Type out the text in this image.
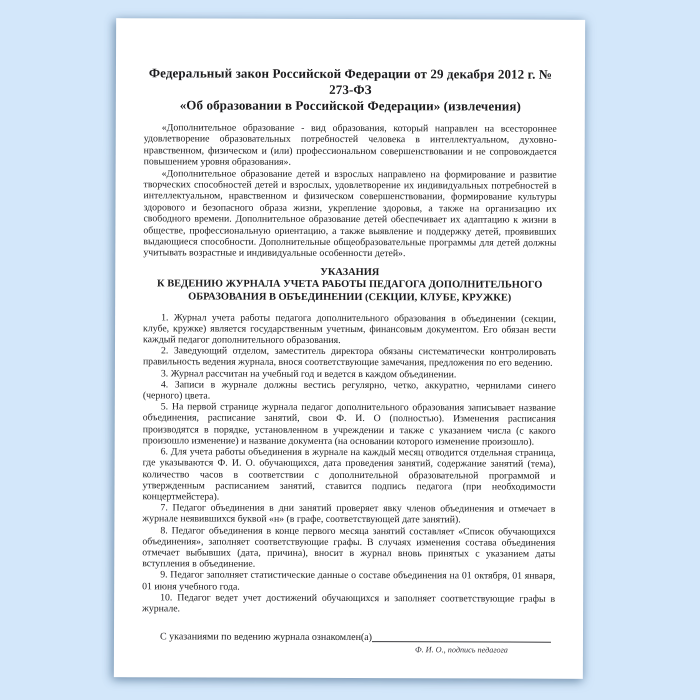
Федеральный закон Российской Федерации от 29 декабря 2012 г. № 273-ФЗ
«Об образовании в Российской Федерации» (извлечения)

«Дополнительное образование - вид образования, который направлен на всестороннее удовлетворение образовательных потребностей человека в интеллектуальном, духовно-нравственном, физическом и (или) профессиональном совершенствовании и не сопровождается повышением уровня образования».

«Дополнительное образование детей и взрослых направлено на формирование и развитие творческих способностей детей и взрослых, удовлетворение их индивидуальных потребностей в интеллектуальном, нравственном и физическом совершенствовании, формирование культуры здорового и безопасного образа жизни, укрепление здоровья, а также на организацию их свободного времени. Дополнительное образование детей обеспечивает их адаптацию к жизни в обществе, профессиональную ориентацию, а также выявление и поддержку детей, проявивших выдающиеся способности. Дополнительные общеобразовательные программы для детей должны учитывать возрастные и индивидуальные особенности детей».

УКАЗАНИЯ
К ВЕДЕНИЮ ЖУРНАЛА УЧЕТА РАБОТЫ ПЕДАГОГА ДОПОЛНИТЕЛЬНОГО
ОБРАЗОВАНИЯ В ОБЪЕДИНЕНИИ (СЕКЦИИ, КЛУБЕ, КРУЖКЕ)

1. Журнал учета работы педагога дополнительного образования в объединении (секции, клубе, кружке) является государственным учетным, финансовым документом. Его обязан вести каждый педагог дополнительного образования.

2. Заведующий отделом, заместитель директора обязаны систематически контролировать правильность ведения журнала, внося соответствующие замечания, предложения по его ведению.

3. Журнал рассчитан на учебный год и ведется в каждом объединении.

4. Записи в журнале должны вестись регулярно, четко, аккуратно, чернилами синего (черного) цвета.

5. На первой странице журнала педагог дополнительного образования записывает название объединения, расписание занятий, свои Ф. И. О (полностью). Изменения расписания производятся в порядке, установленном в учреждении и также с указанием числа (с какого произошло изменение) и название документа (на основании которого изменение произошло).

6. Для учета работы объединения в журнале на каждый месяц отводится отдельная страница, где указываются Ф. И. О. обучающихся, дата проведения занятий, содержание занятий (тема), количество часов в соответствии с дополнительной образовательной программой и утвержденным расписанием занятий, ставится подпись педагога (при необходимости концертмейстера).

7. Педагог объединения в дни занятий проверяет явку членов объединения и отмечает в журнале неявившихся буквой «н» (в графе, соответствующей дате занятий).

8. Педагог объединения в конце первого месяца занятий составляет «Список обучающихся объединения», заполняет соответствующие графы. В случаях изменения состава объединения отмечает выбывших (дата, причина), вносит в журнал вновь принятых с указанием даты вступления в объединение.

9. Педагог заполняет статистические данные о составе объединения на 01 октября, 01 января, 01 июня учебного года.

10. Педагог ведет учет достижений обучающихся и заполняет соответствующие графы в журнале.

С указаниями по ведению журнала ознакомлен(а)
Ф. И. О., подпись педагога
